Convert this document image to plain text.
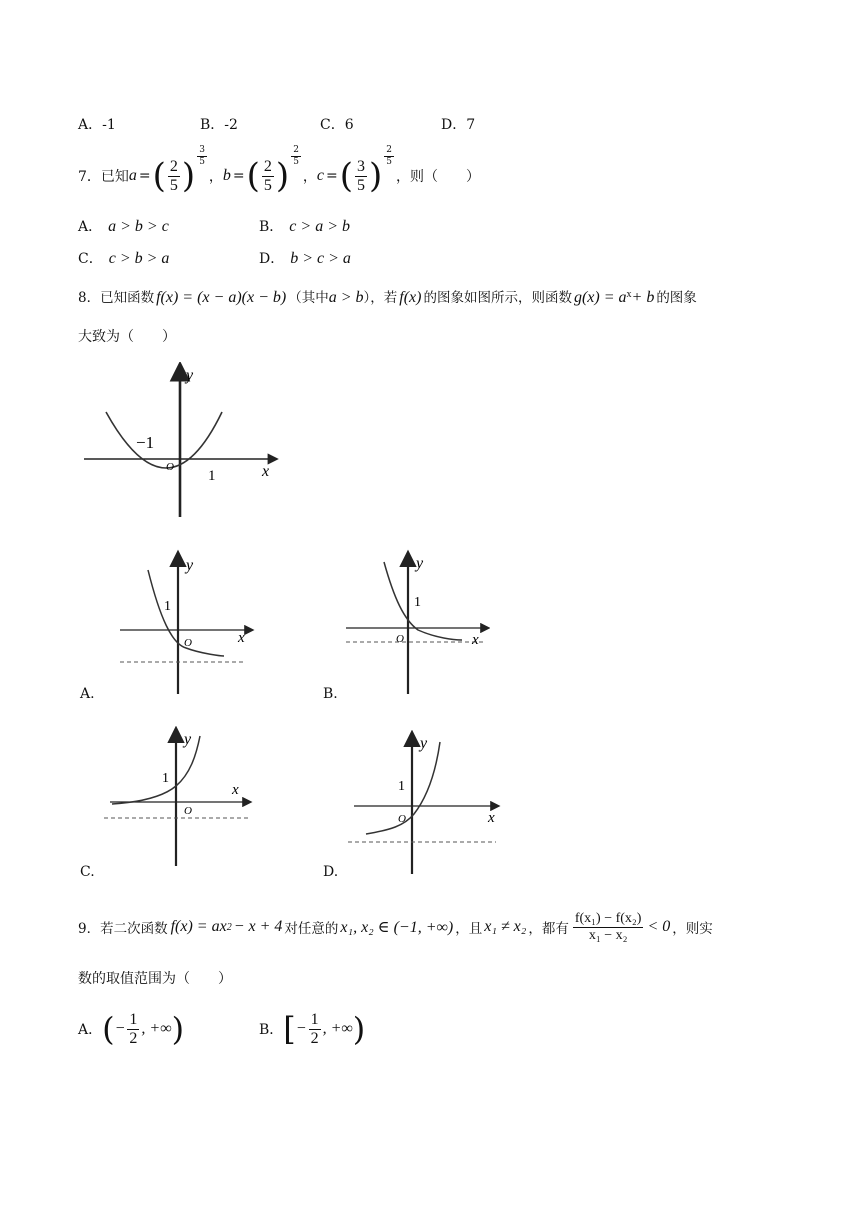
A．-1	B．-2	C．6	D．7
7．已知 a = ( $\frac{2}{5}$ ) $\frac{3}{5}$
， b = ( $\frac{2}{5}$ ) $\frac{2}{5}$
， c = ( $\frac{3}{5}$ ) $\frac{2}{5}$
，则（　　）
A． a > b > c	B． c > a > b
C． c > b > a	D． b > c > a
8．已知函数 f(x) = (x − a)(x − b) （其中a > b），若 f(x) 的图象如图所示，则函数 $g(x) = a^x+ b$ 的图象
大致为（　　）
y
x
O
−1
1
y
x
O
1
A.
y
x
O
1
B.
y
x
O
1
C.
y
x
O
1
D.
9．若二次函数 f(x) = ax 2 − x + 4 对任意的 x₁, x₂ ∈ (−1, +∞) ，且 x₁ ≠ x₂ ，都有 $\frac{\text{f(x₁) − f(x₂)}}{\text{x₁ − x₂}} < 0$ ，则实
数的取值范围为（　　）
A． ( − $\frac{1}{2}$ , +∞ )	B． [ − $\frac{1}{2}$ , +∞ )
